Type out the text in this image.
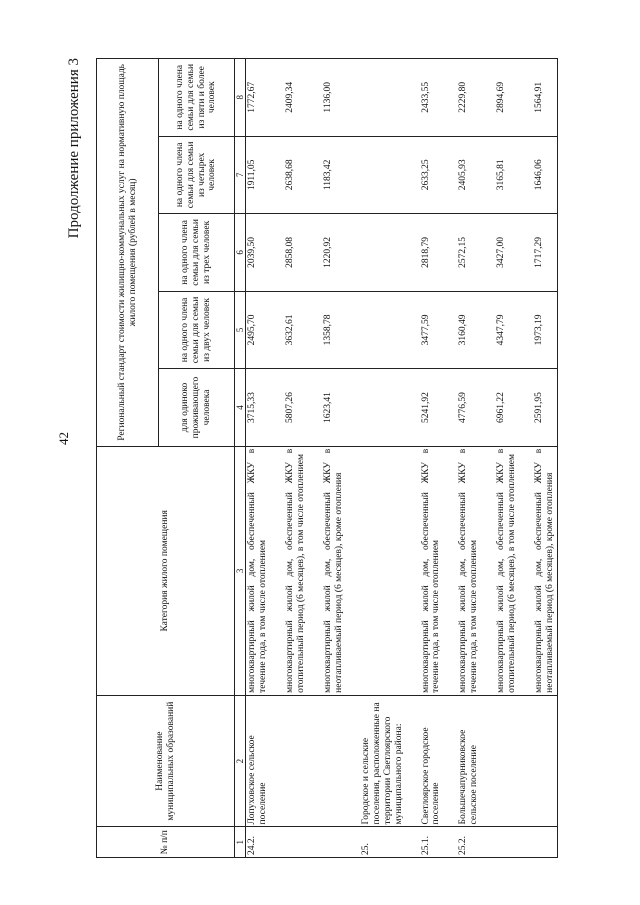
42
Продолжение приложения 3
№ п/п	Наименование муниципальных образований	Категория жилого помещения	Региональный стандарт стоимости жилищно-коммунальных услуг на нормативную площадь жилого помещения (рублей в месяц)				
			для одиноко проживающего человека	на одного члена семьи для семьи из двух человек	на одного члена семьи для семьи из трех человек	на одного члена семьи для семьи из четырех человек	на одного члена семьи для семьи из пяти и более человек
1	2	3	4	5	6	7	8
24.2.	Лопуховское сельское поселение	многоквартирный жилой дом, обеспеченный ЖКУ в течение года, в том числе отоплением	3715,33	2495,70	2039,50	1911,05	1772,67

		многоквартирный жилой дом, обеспеченный ЖКУ в отопительный период (6 месяцев), в том числе отоплением	5807,26	3632,61	2858,08	2638,68	2409,34

		многоквартирный жилой дом, обеспеченный ЖКУ в неотапливаемый период (6 месяцев), кроме отопления	1623,41	1358,78	1220,92	1183,42	1136,00

25.	Городское и сельские поселения, расположенные на территории Светлоярского муниципального района:						

25.1.	Светлоярское городское поселение	многоквартирный жилой дом, обеспеченный ЖКУ в течение года, в том числе отоплением	5241,92	3477,59	2818,79	2633,25	2433,55

25.2.	Большечапурниковское сельское поселение	многоквартирный жилой дом, обеспеченный ЖКУ в течение года, в том числе отоплением	4776,59	3160,49	2572,15	2405,93	2229,80

		многоквартирный жилой дом, обеспеченный ЖКУ в отопительный период (6 месяцев), в том числе отоплением	6961,22	4347,79	3427,00	3165,81	2894,69

		многоквартирный жилой дом, обеспеченный ЖКУ в неотапливаемый период (6 месяцев), кроме отопления	2591,95	1973,19	1717,29	1646,06	1564,91
